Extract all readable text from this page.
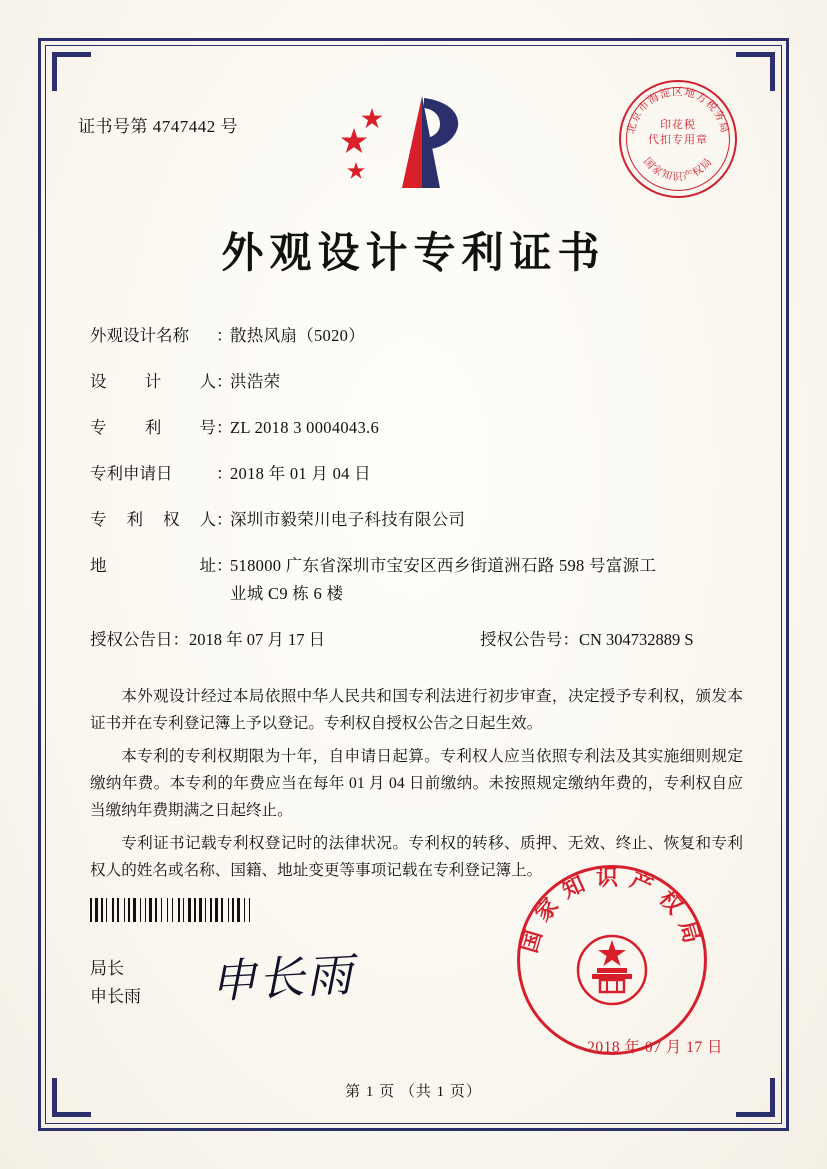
证书号第 4747442 号	北京市海淀区地方税务局
国家知识产权局
印花税
代扣专用章
外观设计专利证书
外观设计名称	：
散热风扇（5020）
设 计 人 ：
洪浩荣
专 利 号 ：
ZL 2018 3 0004043.6
专利申请日	：
2018 年 01 月 04 日
专 利 权 人 ：
深圳市毅荣川电子科技有限公司
地	址 ：
518000 广东省深圳市宝安区西乡街道洲石路 598 号富源工
业城 C9 栋 6 楼
授权公告日 ： 2018 年 07 月 17 日	授权公告号 ： CN 304732889 S

本外观设计经过本局依照中华人民共和国专利法进行初步审查，决定授予专利权，颁发本证书并在专利登记簿上予以登记。专利权自授权公告之日起生效。

本专利的专利权期限为十年，自申请日起算。专利权人应当依照专利法及其实施细则规定缴纳年费。本专利的年费应当在每年 01 月 04 日前缴纳。未按照规定缴纳年费的，专利权自应当缴纳年费期满之日起终止。

专利证书记载专利权登记时的法律状况。专利权的转移、质押、无效、终止、恢复和专利权人的姓名或名称、国籍、地址变更等事项记载在专利登记簿上。

局长
申长雨 申长雨
国家知识产权局
2018 年 07 月 17 日
第 1 页 （共 1 页）
